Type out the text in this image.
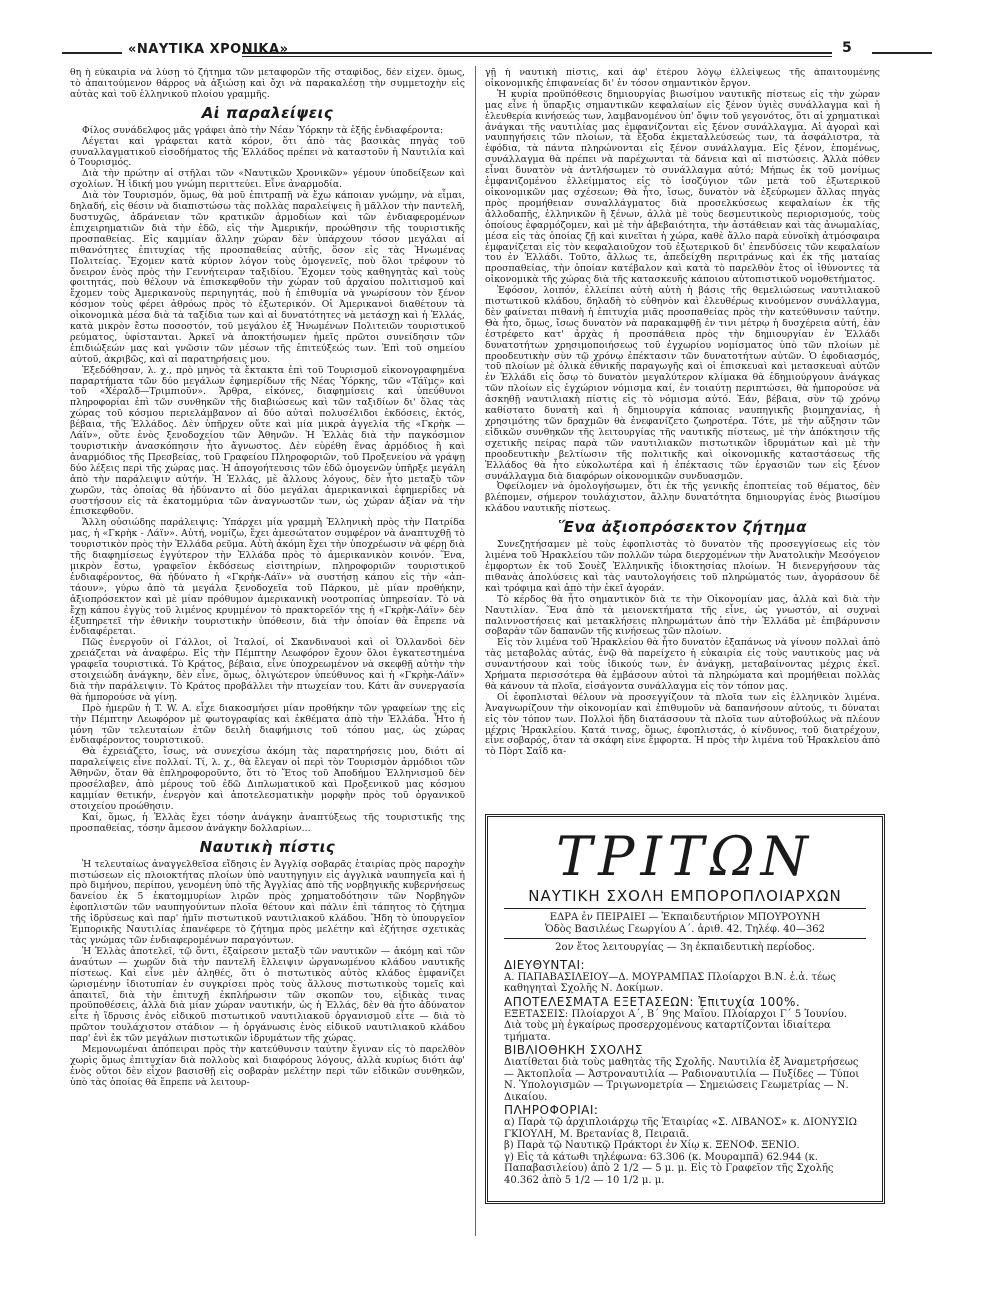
«ΝΑΥΤΙΚΑ ΧΡΟΝΙΚΑ»	5

θη ἡ εὐκαιρία νὰ λύσῃ τὸ ζήτημα τῶν μεταφορῶν τῆς σταφίδος, δὲν εἶχεν. ὅμως, τὸ ἀπαιτούμενον θάρρος νὰ ἀξιώσῃ καὶ ὄχι νὰ παρακαλέσῃ τὴν συμμετοχὴν εἰς αὐτὰς καὶ τοῦ ἑλληνικοῦ πλοίου γραμμῆς.

Αἱ παραλείψεις

Φίλος συνάδελφος μᾶς γράφει ἀπὸ τὴν Νέαν Ὑόρκην τὰ ἑξῆς ἐνδιαφέροντα:

Λέγεται καὶ γράφεται κατὰ κόρον, ὅτι ἀπὸ τὰς βασικὰς πηγὰς τοῦ συναλλαγματικοῦ εἰσοδήματος τῆς Ἑλλάδος πρέπει νὰ καταστοῦν ἡ Ναυτιλία καὶ ὁ Τουρισμός.

Διὰ τὴν πρώτην αἱ στῆλαι τῶν «Ναυτικῶν Χρονικῶν» γέμουν ὑποδείξεων καὶ σχολίων. Ἡ ἰδική μου γνώμη περιττεύει. Εἶνε ἀναρμοδία.

Διὰ τὸν Τουρισμόν, ὅμως, θὰ μοῦ ἐπιτραπῇ νὰ ἔχω κάποιαν γνώμην, νὰ εἶμαι, δηλαδή, εἰς θέσιν νὰ διαπιστώσω τὰς πολλὰς παραλείψεις ἢ μᾶλλον τὴν παντελῆ, δυστυχῶς, ἀδράνειαν τῶν κρατικῶν ἁρμοδίων καὶ τῶν ἐνδιαφερομένων ἐπιχειρηματιῶν διὰ τὴν ἐδῶ, εἰς τὴν Ἀμερικήν, προώθησιν τῆς τουριστικῆς προσπαθείας. Εἰς καμμίαν ἄλλην χώραν δὲν ὑπάρχουν τόσον μεγάλαι αἱ πιθανότητες ἐπιτυχίας τῆς προσπαθείας αὐτῆς, ὅσον εἰς τὰς Ἡνωμένας Πολιτείας. Ἔχομεν κατὰ κύριον λόγον τοὺς ὁμογενεῖς, ποὺ ὅλοι τρέφουν τὸ ὄνειρον ἑνὸς πρὸς τὴν Γεννήτειραν ταξιδίου. Ἔχομεν τοὺς καθηγητὰς καὶ τοὺς φοιτητάς, ποὺ θέλουν νὰ ἐπισκεφθοῦν τὴν χώραν τοῦ ἀρχαίου πολιτισμοῦ καὶ ἔχομεν τοὺς Ἀμερικανοὺς περιηγητάς, ποὺ ἡ ἐπιθυμία νὰ γνωρίσουν τὸν ξένον κόσμον τοὺς φέρει ἀθρόως πρὸς τὸ ἐξωτερικόν. Οἱ Ἀμερικανοὶ διαθέτουν τὰ οἰκονομικὰ μέσα διὰ τὰ ταξίδια των καὶ αἱ δυνατότητες νὰ μετάσχῃ καὶ ἡ Ἑλλάς, κατὰ μικρὸν ἔστω ποσοστόν, τοῦ μεγάλου ἐξ Ἡνωμένων Πολιτειῶν τουριστικοῦ ρεύματος, ὑφίστανται. Ἀρκεῖ νὰ ἀποκτήσωμεν ἡμεῖς πρῶτοι συνείδησιν τῶν ἐπιδιώξεών μας καὶ γνῶσιν τῶν μέσων τῆς ἐπιτεύξεώς των. Ἐπὶ τοῦ σημείου αὐτοῦ, ἀκριβῶς, καὶ αἱ παρατηρήσεις μου.

Ἐξεδόθησαν, λ. χ., πρὸ μηνὸς τὰ ἔκτακτα ἐπὶ τοῦ Τουρισμοῦ εἰκονογραφημένα παραρτήματα τῶν δύο μεγάλων ἐφημερίδων τῆς Νέας Ὑόρκης, τῶν «Τάϊμς» καὶ τοῦ «Χέραλδ—Τριμπιοῦν». Ἄρθρα, εἰκόνες, διαφημίσεις καὶ ὑπεύθυνοι πληροφορίαι ἐπὶ τῶν συνθηκῶν τῆς διαβιώσεως καὶ τῶν ταξιδίων δι' ὅλας τὰς χώρας τοῦ κόσμου περιελάμβανον αἱ δύο αὐταὶ πολυσέλιδοι ἐκδόσεις, ἐκτός, βέβαια, τῆς Ἑλλάδος. Δὲν ὑπῆρχεν οὔτε καὶ μία μικρὰ ἀγγελία τῆς «Γκρὴκ — Λάϊν», οὔτε ἑνὸς ξενοδοχείου τῶν Ἀθηνῶν. Ἡ Ἑλλὰς διὰ τὴν παγκόσμιον τουριστικὴν ἀνασκόπησιν ἦτο ἄγνωστος. Δὲν εὑρέθη ἕνας ἁρμόδιος ἢ καὶ ἀναρμόδιος τῆς Πρεσβείας, τοῦ Γραφείου Πληροφοριῶν, τοῦ Προξενείου νὰ γράψῃ δύο λέξεις περὶ τῆς χώρας μας. Ἡ ἀπογοήτευσις τῶν ἐδῶ ὁμογενῶν ὑπῆρξε μεγάλη ἀπὸ τὴν παράλειψιν αὐτήν. Ἡ Ἑλλάς, μὲ ἄλλους λόγους, δὲν ἦτο μεταξὺ τῶν χωρῶν, τὰς ὁποίας θὰ ἠδύναντο αἱ δύο μεγάλαι ἀμερικανικαὶ ἐφημερίδες νὰ συστήσουν εἰς τὰ ἑκατομμύρια τῶν ἀναγνωστῶν των, ὡς χώραν ἀξίαν νὰ τὴν ἐπισκεφθοῦν.

Ἄλλη οὐσιώδης παράλειψις: Ὑπάρχει μία γραμμὴ Ἑλληνικὴ πρὸς τὴν Πατρίδα μας, ἡ «Γκρὴκ - Λάϊν». Αὐτή, νομίζω, ἔχει ἀμεσώτατον συμφέρον νὰ ἀναπτυχθῇ τὸ τουριστικὸν πρὸς τὴν Ἑλλάδα ρεῦμα. Αὐτὴ ἀκόμη ἔχει τὴν ὑποχρέωσιν νὰ φέρῃ διὰ τῆς διαφημίσεως ἐγγύτερον τὴν Ἑλλάδα πρὸς τὸ ἀμερικανικὸν κοινόν. Ἕνα, μικρὸν ἔστω, γραφεῖον ἐκδόσεως εἰσιτηρίων, πληροφοριῶν τουριστικοῦ ἐνδιαφέροντος, θὰ ἠδύνατο ἡ «Γκρὴκ-Λάϊν» νὰ συστήσῃ κάπου εἰς τὴν «ἀπ-τάουν», γύρω ἀπὸ τὰ μεγάλα ξενοδοχεῖα τοῦ Πάρκου, μὲ μίαν προθήκην, ἀξιοπρόσεκτον καὶ μὲ μίαν πρόθυμον ἀμερικανικὴ νοοτροπίας ὑπηρεσίαν. Τὸ νὰ ἔχῃ κάπου ἐγγὺς τοῦ λιμένος κρυμμένον τὸ πρακτορεῖόν της ἡ «Γκρὴκ-Λάϊν» δὲν ἐξυπηρετεῖ τὴν ἐθνικὴν τουριστικὴν ὑπόθεσιν, διὰ τὴν ὁποίαν θὰ ἔπρεπε νὰ ἐνδιαφέρεται.

Πῶς ἐνεργοῦν οἱ Γάλλοι, οἱ Ἰταλοί, οἱ Σκανδιναυοὶ καὶ οἱ Ὁλλανδοὶ δὲν χρειάζεται νὰ ἀναφέρω. Εἰς τὴν Πέμπτην Λεωφόρον ἔχουν ὅλοι ἐγκατεστημένα γραφεῖα τουριστικά. Τὸ Κράτος, βέβαια, εἶνε ὑποχρεωμένον νὰ σκεφθῇ αὐτὴν τὴν στοιχειώδη ἀνάγκην, δὲν εἶνε, ὅμως, ὀλιγώτερον ὑπεύθυνος καὶ ἡ «Γκρὴκ-Λάϊν» διὰ τὴν παράλειψιν. Τὸ Κράτος προβάλλει τὴν πτωχείαν του. Κάτι ἂν συνεργασία θὰ ἠμπορούσε νὰ γίνῃ.

Πρὸ ἡμερῶν ἡ T. W. A. εἶχε διακοσμήσει μίαν προθήκην τῶν γραφείων της εἰς τὴν Πέμπτην Λεωφόρον μὲ φωτογραφίας καὶ ἐκθέματα ἀπὸ τὴν Ἑλλάδα. Ἦτο ἡ μόνη τῶν τελευταίων ἐτῶν δειλὴ διαφήμισις τοῦ τόπου μας, ὡς χώρας ἐνδιαφέροντος τουριστικοῦ.

Θὰ ἐχρειάζετο, ἴσως, νὰ συνεχίσω ἀκόμη τὰς παρατηρήσεις μου, διότι αἱ παραλείψεις εἶνε πολλαί. Τί, λ. χ., θὰ ἔλεγαν οἱ περὶ τὸν Τουρισμὸν ἁρμόδιοι τῶν Ἀθηνῶν, ὅταν θὰ ἐπληροφοροῦντο, ὅτι τὸ Ἔτος τοῦ Ἀποδήμου Ἑλληνισμοῦ δὲν προσέλαβεν, ἀπὸ μέρους τοῦ ἐδῶ Διπλωματικοῦ καὶ Προξενικοῦ μας κόσμου καμμίαν θετικήν, ἐνεργὸν καὶ ἀποτελεσματικὴν μορφὴν πρὸς τοῦ ὀργανικοῦ στοιχείου προώθησιν.

Καί, ὅμως, ἡ Ἑλλὰς ἔχει τόσην ἀνάγκην ἀναπτύξεως τῆς τουριστικῆς της προσπαθείας, τόσην ἄμεσον ἀνάγκην δολλαρίων...

Ναυτικὴ πίστις

Ἡ τελευταίως ἀναγγελθεῖσα εἴδησις ἐν Ἀγγλίᾳ σοβαρᾶς ἑταιρίας πρὸς παροχὴν πιστώσεων εἰς πλοιοκτήτας πλοίων ὑπὸ ναυτηγηγιν εἰς ἀγγλικὰ ναυπηγεῖα καὶ ἡ πρὸ διμήνου, περίπου, γενομένη ὑπὸ τῆς Ἀγγλίας ἀπὸ τῆς νορβηγικῆς κυβερνήσεως δανείου ἐκ 5 ἑκατομμυρίων λιρῶν πρὸς χρηματοδότησιν τῶν Νορβηγῶν ἐφοπλιστῶν τῶν ναυπηγούντων πλοῖα θέτουν καὶ πάλιν ἐπὶ τάπητος τὸ ζήτημα τῆς ἱδρύσεως καὶ παρ' ἡμῖν πιστωτικοῦ ναυτιλιακοῦ κλάδου. Ἤδη τὸ ὑπουργεῖον Ἐμπορικῆς Ναυτιλίας ἐπανέφερε τὸ ζήτημα πρὸς μελέτην καὶ ἐζήτησε σχετικὰς τὰς γνώμας τῶν ἐνδιαφερομένων παραγόντων.

Ἡ Ἑλλὰς ἀποτελεῖ, τῷ ὄντι, ἐξαίρεσιν μεταξὺ τῶν ναυτικῶν — ἀκόμη καὶ τῶν ἀναύτων — χωρῶν διὰ τὴν παντελῆ ἔλλειψιν ὠργανωμένου κλάδου ναυτικῆς πίστεως. Καὶ εἶνε μὲν ἀληθές, ὅτι ὁ πιστωτικὸς αὐτὸς κλάδος ἐμφανίζει ὡρισμένην ἰδιοτυπίαν ἐν συγκρίσει πρὸς τοὺς ἄλλους πιστωτικοὺς τομεῖς καὶ ἀπαιτεῖ, διὰ τὴν ἐπιτυχῆ ἐκπλήρωσιν τῶν σκοπῶν του, εἰδικὰς τινας προϋποθέσεις, ἀλλὰ διὰ μίαν χώραν ναυτικήν, ὡς ἡ Ἑλλάς, δὲν θὰ ἦτο ἀδύνατον εἶτε ἡ ἵδρυσις ἑνὸς εἰδικοῦ πιστωτικοῦ ναυτιλιακοῦ ὀργανισμοῦ εἶτε — διὰ τὸ πρῶτον τουλάχιστον στάδιον — ἡ ὀργάνωσις ἑνὸς εἰδικοῦ ναυτιλιακοῦ κλάδου παρ' ἑνὶ ἐκ τῶν μεγάλων πιστωτικῶν ἱδρυμάτων τῆς χώρας.

Μεμονωμέναι ἀπόπειραι πρὸς τὴν κατεύθυνσιν ταύτην ἔγιναν εἰς τὸ παρελθὸν χωρὶς ὅμως ἐπιτυχίαν διὰ πολλοὺς καὶ διαφόρους λόγους, ἀλλὰ κυρίως διότι ἀφ' ἑνὸς οὔτοι δὲν εἶχον βασισθῇ εἰς σοβαρὰν μελέτην περὶ τῶν εἰδικῶν συνθηκῶν, ὑπὸ τὰς ὁποίας θὰ ἔπρεπε νὰ λειτουρ-

γῇ ἡ ναυτικὴ πίστις, καὶ ἀφ' ἑτέρου λόγῳ ἐλλείψεως τῆς ἀπαιτουμένης οἰκονομικῆς ἐπιφανείας δι' ἐν τόσον σημαντικὸν ἔργον.

Ἡ κυρία προϋπόθεσις δημιουργίας βιωσίμου ναυτικῆς πίστεως εἰς τὴν χώραν μας εἶνε ἡ ὕπαρξις σημαντικῶν κεφαλαίων εἰς ξένον ὑγιὲς συνάλλαγμα καὶ ἡ ἐλευθερία κινήσεώς των, λαμβανομένου ὑπ' ὄψιν τοῦ γεγονότος, ὅτι αἱ χρηματικαὶ ἀνάγκαι τῆς ναυτιλίας μας ἐμφανίζονται εἰς ξένον συνάλλαγμα. Αἱ ἀγοραὶ καὶ ναυπηγήσεις τῶν πλοίων, τὰ ἔξοδα ἐκμεταλλεύσεώς των, τὰ ἀσφάλιστρα, τὰ ἐφόδια, τὰ πάντα πληρώνονται εἰς ξένον συνάλλαγμα. Εἰς ξένον, ἑπομένως, συνάλλαγμα θὰ πρέπει νὰ παρέχωνται τὰ δάνεια καὶ αἱ πιστώσεις. Ἀλλὰ πόθεν εἶναι δυνατὸν νὰ ἀντλήσωμεν τὸ συνάλλαγμα αὐτό; Μήπως ἐκ τοῦ μονίμως ἐμφανιζομένου ἐλλείμματος εἰς τὸ ἰσοζύγιον τῶν μετὰ τοῦ ἐξωτερικοῦ οἰκονομικῶν μας σχέσεων; Θὰ ἦτο, ἴσως, δυνατὸν νὰ ἐξεύρωμεν ἄλλας πηγὰς πρὸς προμήθειαν συναλλάγματος διὰ προσελκύσεως κεφαλαίων ἐκ τῆς ἀλλοδαπῆς, ἑλληνικῶν ἢ ξένων, ἀλλὰ μὲ τοὺς δεσμευτικοὺς περιορισμούς, τοὺς ὁποίους ἐφαρμόζομεν, καὶ μὲ τὴν ἀβεβαιότητα, τὴν ἀστάθειαν καὶ τὰς ἀνωμαλίας, μέσα εἰς τὰς ὁποίας ζῇ καὶ κινεῖται ἡ χώρα, καθὲ ἄλλο παρὰ εὐνοϊκὴ ἀτμόσφαιρα ἐμφανίζεται εἰς τὸν κεφαλαιοῦχον τοῦ ἐξωτερικοῦ δι' ἐπενδύσεις τῶν κεφαλαίων του ἐν Ἑλλάδι. Τοῦτο, ἄλλως τε, ἀπεδείχθη περιτράνως καὶ ἐκ τῆς ματαίας προσπαθείας, τὴν ὁποίαν κατέβαλον καὶ κατὰ τὸ παρελθὸν ἔτος οἱ ἰθύνοντες τὰ οἰκονομικὰ τῆς χώρας διὰ τῆς κατασκευῆς κάποιου αὐτοπιστικοῦ νομοθετήματος.

Ἐφόσον, λοιπόν, ἐλλείπει αὐτὴ αὐτὴ ἡ βάσις τῆς θεμελιώσεως ναυτιλιακοῦ πιστωτικοῦ κλάδου, δηλαδὴ τὸ εὐθηνὸν καὶ ἐλευθέρως κινούμενον συνάλλαγμα, δὲν φαίνεται πιθανὴ ἡ ἐπιτυχία μιᾶς προσπαθείας πρὸς τὴν κατεύθυνσιν ταύτην. Θὰ ἦτο, ὅμως, ἴσως δυνατὸν νὰ παρακαμφθῇ ἐν τινι μέτρῳ ἡ δυσχέρεια αὐτή, ἐὰν ἐστρέφετο κατ' ἀρχὰς ἡ προσπάθεια πρὸς τὴν δημιουργίαν ἐν Ἑλλάδι δυνατοτήτων χρησιμοποιήσεως τοῦ ἐγχωρίου νομίσματος ὑπὸ τῶν πλοίων μὲ προοδευτικὴν σὺν τῷ χρόνῳ ἐπέκτασιν τῶν δυνατοτήτων αὐτῶν. Ὁ ἐφοδιασμός, τοῦ πλοίων μὲ ὁλικὰ ἐθνικῆς παραγωγῆς καὶ οἱ ἐπισκευαὶ καὶ μετασκευαὶ αὐτῶν ἐν Ἑλλάδι εἰς ὅσῳ τὸ δυνατὸν μεγαλύτερον κλίμακα θὰ ἐδημιούργουν ἀνάγκας τῶν πλοίων εἰς ἐγχώριον νόμισμα καί, ἐν τοιαύτῃ περιπτώσει, θὰ ἠμπορούσε νὰ ἀσκηθῇ ναυτιλιακὴ πίστις εἰς τὸ νόμισμα αὐτό. Ἐάν, βέβαια, σὺν τῷ χρόνῳ καθίστατο δυνατὴ καὶ ἡ δημιουργία κάποιας ναυπηγικῆς βιομηχανίας, ἡ χρησιμότης τῶν δραχμῶν θὰ ἐνεφανίζετο ζωηροτέρα. Τότε, μὲ τὴν αὔξησιν τῶν εἰδικῶν συνθηκῶν τῆς λειτουργίας τῆς ναυτικῆς πίστεως, μὲ τὴν ἀπόκτησιν τῆς σχετικῆς πείρας παρὰ τῶν ναυτιλιακῶν πιστωτικῶν ἱδρυμάτων καὶ μὲ τὴν προοδευτικὴν βελτίωσιν τῆς πολιτικῆς καὶ οἰκονομικῆς καταστάσεως τῆς Ἑλλάδος θὰ ἦτο εὐκολωτέρα καὶ ἡ ἐπέκτασις τῶν ἐργασιῶν των εἰς ξένον συνάλλαγμα διὰ διαφόρων οἰκονομικῶν συνδυασμῶν.

Ὀφείλομεν νὰ ὁμολογήσωμεν, ὅτι ἐκ τῆς γενικῆς ἐποπτείας τοῦ θέματος, δὲν βλέπομεν, σήμερον τουλάχιστον, ἄλλην δυνατότητα δημιουργίας ἑνὸς βιωσίμου κλάδου ναυτικῆς πίστεως.

Ἕνα ἀξιοπρόσεκτον ζήτημα

Συνεζητήσαμεν μὲ τοὺς ἐφοπλιστὰς τὸ δυνατὸν τῆς προσεγγίσεως εἰς τὸν λιμένα τοῦ Ἡρακλείου τῶν πολλῶν τώρα διερχομένων τὴν Ἀνατολικὴν Μεσόγειον ἐμφορτων ἐκ τοῦ Σουὲζ Ἑλληνικῆς ἰδιοκτησίας πλοίων. Ἡ διενεργήσουν τὰς πιθανὰς ἀπολύσεις καὶ τὰς ναυτολογήσεις τοῦ πληρώματός των, ἀγοράσουν δὲ καὶ τρόφιμα καὶ ἀπὸ τὴν ἐκεῖ ἀγοράν.

Τὸ κέρδος θὰ ἦτο σημαντικὸν διὰ τε τὴν Οἰκονομίαν μας, ἀλλὰ καὶ διὰ τὴν Ναυτιλίαν. Ἕνα ἀπὸ τὰ μειονεκτήματα τῆς εἶνε, ὡς γνωστόν, αἱ συχναὶ παλιννοστήσεις καὶ μετακλήσεις πληρωμάτων ἀπὸ τὴν Ἑλλάδα μὲ ἐπιβάρυνσιν σοβαρὰν τῶν δαπανῶν τῆς κινήσεως τῶν πλοίων.

Εἰς τὸν λιμένα τοῦ Ἡρακλείου θὰ ἦτο δυνατὸν ἐξαπάνως νὰ γίνουν πολλαὶ ἀπὸ τὰς μεταβολὰς αὐτάς, ἐνῷ θὰ παρείχετο ἡ εὐκαιρία εἰς τοὺς ναυτικοὺς μας νὰ συναντήσουν καὶ τοὺς ἰδικούς των, ἐν ἀνάγκῃ, μεταβαίνοντας μέχρις ἐκεῖ. Χρήματα περισσότερα θὰ ἐμβάσουν αὐτοὶ τὰ πληρώματα καὶ προμήθειαι πολλὰς θὰ κάνουν τὰ πλοῖα, εἰσάγοντα συνάλλαγμα εἰς τὸν τόπον μας.

Οἱ ἐφοπλισταὶ θέλουν νὰ προσεγγίζουν τὰ πλοῖα των εἰς ἑλληνικὸν λιμένα. Ἀναγνωρίζουν τὴν οἰκονομίαν καὶ ἐπιθυμοῦν νὰ δαπανήσουν αὐτούς, τι δύναται εἰς τὸν τόπον των. Πολλοὶ ἤδη διατάσσουν τὰ πλοῖα των αὐτοβούλως νὰ πλέουν μέχρις Ἡρακλείου. Κατά τινας, ὅμως, ἐφοπλιστάς, ὁ κίνδυνος, τοῦ διατρέχουν, εἶνε σοβαρός, ὅταν τὰ σκάφη εἶνε ἔμφορτα. Ἡ πρὸς τὴν λιμένα τοῦ Ἡρακλείου ἀπὸ τὸ Πὸρτ Σαΐδ κα-

ΤΡΙΤΩΝ
ΝΑΥΤΙΚΗ ΣΧΟΛΗ ΕΜΠΟΡΟΠΛΟΙΑΡΧΩΝ
ΕΔΡΑ ἐν ΠΕΙΡΑΙΕΙ — Ἐκπαιδευτήριον ΜΠΟΥΡΟΥΝΗ
Ὁδὸς Βασιλέως Γεωργίου Α΄. ἀριθ. 42. Τηλέφ. 40—362
2ον ἔτος λειτουργίας — 3η ἐκπαιδευτικὴ περίοδος.
ΔΙΕΥΘΥΝΤΑΙ:
Α. ΠΑΠΑΒΑΣΙΛΕΙΟΥ—Δ. ΜΟΥΡΑΜΠΑΣ Πλοίαρχοι Β.Ν. ἐ.ἀ. τέως καθηγηταὶ Σχολῆς Ν. Δοκίμων.
ΑΠΟΤΕΛΕΣΜΑΤΑ ΕΞΕΤΑΣΕΩΝ: Ἐπιτυχία 100%.
ΕΞΕΤΑΣΕΙΣ: Πλοίαρχοι Α΄, Β΄ 9ης Μαΐου. Πλοίαρχοι Γ΄ 5 Ἰουνίου. Διὰ τοὺς μὴ ἐγκαίρως προσερχομένους καταρτίζονται ἰδιαίτερα τμήματα.
ΒΙΒΛΙΟΘΗΚΗ ΣΧΟΛΗΣ
Διατίθεται διὰ τοὺς μαθητὰς τῆς Σχολῆς. Ναυτιλία ἐξ Ἀναμετρήσεως — Ἀκτοπλοΐα — Ἀστροναυτιλία — Ραδιοναυτιλία — Πυξίδες — Τύποι Ν. Ὑπολογισμῶν — Τριγωνομετρία — Σημειώσεις Γεωμετρίας — Ν. Δικαίου.
ΠΛΗΡΟΦΟΡΙΑΙ:
α) Παρὰ τῷ ἀρχιπλοιάρχῳ τῆς Ἑταιρίας «Σ. ΛΙΒΑΝΟΣ» κ. ΔΙΟΝΥΣΙΩ ΓΚΙΟΥΛΗ, Μ. Βρετανίας 8, Πειραιᾶ.
β) Παρὰ τῷ Ναυτικῷ Πράκτορι ἐν Χίῳ κ. ΞΕΝΟΦ. ΞΕΝΙΟ.
γ) Εἰς τὰ κάτωθι τηλέφωνα: 63.306 (κ. Μουραμπᾶ) 62.944 (κ. Παπαβασιλείου) ἀπὸ 2 1/2 — 5 μ. μ. Εἰς τὸ Γραφεῖον τῆς Σχολῆς 40.362 ἀπὸ 5 1/2 — 10 1/2 μ. μ.
